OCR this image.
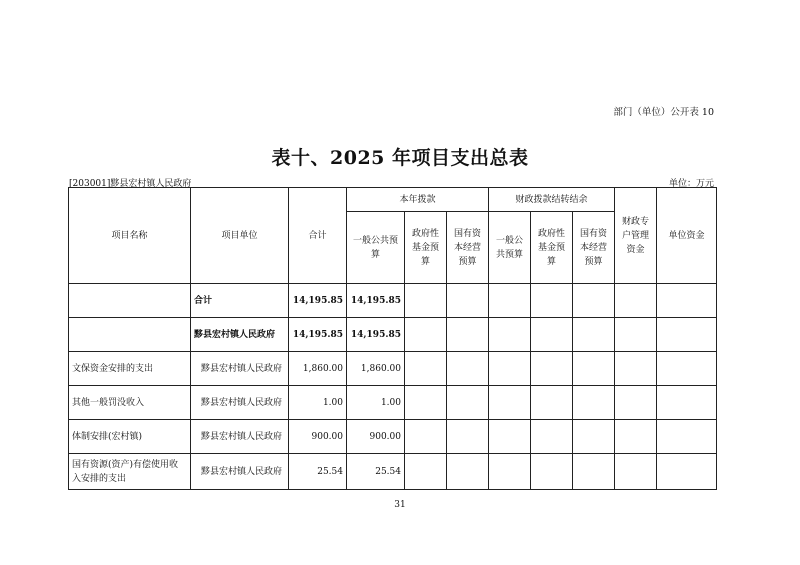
部门（单位）公开表 10
表十、2025 年项目支出总表
[203001]黟县宏村镇人民政府	单位：万元
项目名称	项目单位	合计	本年拨款			财政拨款结转结余			财政专户管理资金	单位资金
			一般公共预算	政府性基金预算	国有资本经营预算	一般公共预算	政府性基金预算	国有资本经营预算		
	合计	14,195.85	14,195.85							
	黟县宏村镇人民政府	14,195.85	14,195.85							
文保资金安排的支出	黟县宏村镇人民政府	1,860.00	1,860.00							
其他一般罚没收入	黟县宏村镇人民政府	1.00	1.00							
体制安排(宏村镇)	黟县宏村镇人民政府	900.00	900.00							
国有资源(资产)有偿使用收入安排的支出	黟县宏村镇人民政府	25.54	25.54							
31
